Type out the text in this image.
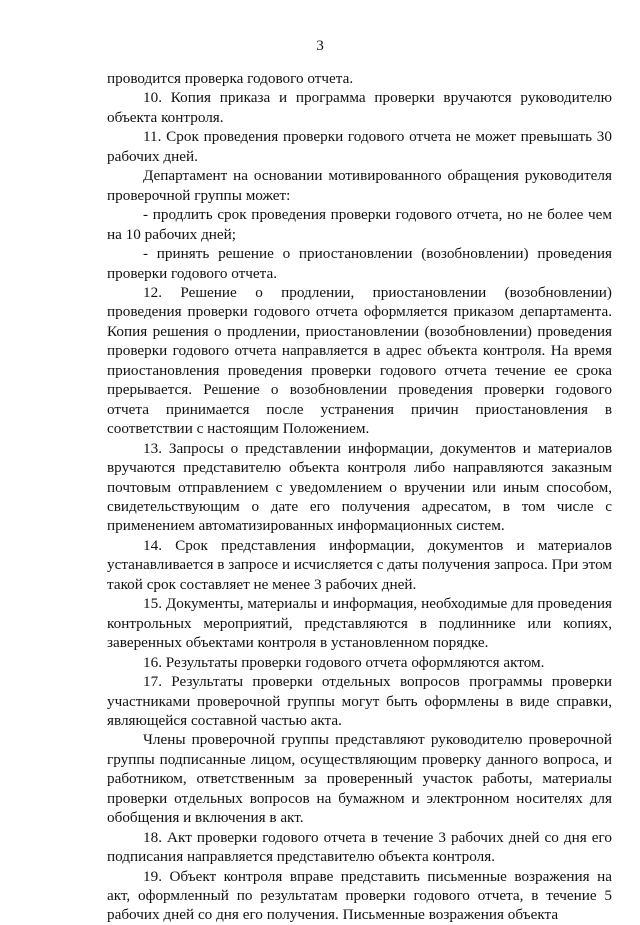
3

проводится проверка годового отчета.

10. Копия приказа и программа проверки вручаются руководителю объекта контроля.

11. Срок проведения проверки годового отчета не может превышать 30 рабочих дней.

Департамент на основании мотивированного обращения руководителя проверочной группы может:

- продлить срок проведения проверки годового отчета, но не более чем на 10 рабочих дней;

- принять решение о приостановлении (возобновлении) проведения проверки годового отчета.

12. Решение о продлении, приостановлении (возобновлении) проведения проверки годового отчета оформляется приказом департамента. Копия решения о продлении, приостановлении (возобновлении) проведения проверки годового отчета направляется в адрес объекта контроля. На время приостановления проведения проверки годового отчета течение ее срока прерывается. Решение о возобновлении проведения проверки годового отчета принимается после устранения причин приостановления в соответствии с настоящим Положением.

13. Запросы о представлении информации, документов и материалов вручаются представителю объекта контроля либо направляются заказным почтовым отправлением с уведомлением о вручении или иным способом, свидетельствующим о дате его получения адресатом, в том числе с применением автоматизированных информационных систем.

14. Срок представления информации, документов и материалов устанавливается в запросе и исчисляется с даты получения запроса. При этом такой срок составляет не менее 3 рабочих дней.

15. Документы, материалы и информация, необходимые для проведения контрольных мероприятий, представляются в подлиннике или копиях, заверенных объектами контроля в установленном порядке.

16. Результаты проверки годового отчета оформляются актом.

17. Результаты проверки отдельных вопросов программы проверки участниками проверочной группы могут быть оформлены в виде справки, являющейся составной частью акта.

Члены проверочной группы представляют руководителю проверочной группы подписанные лицом, осуществляющим проверку данного вопроса, и работником, ответственным за проверенный участок работы, материалы проверки отдельных вопросов на бумажном и электронном носителях для обобщения и включения в акт.

18. Акт проверки годового отчета в течение 3 рабочих дней со дня его подписания направляется представителю объекта контроля.

19. Объект контроля вправе представить письменные возражения на акт, оформленный по результатам проверки годового отчета, в течение 5 рабочих дней со дня его получения. Письменные возражения объекта
